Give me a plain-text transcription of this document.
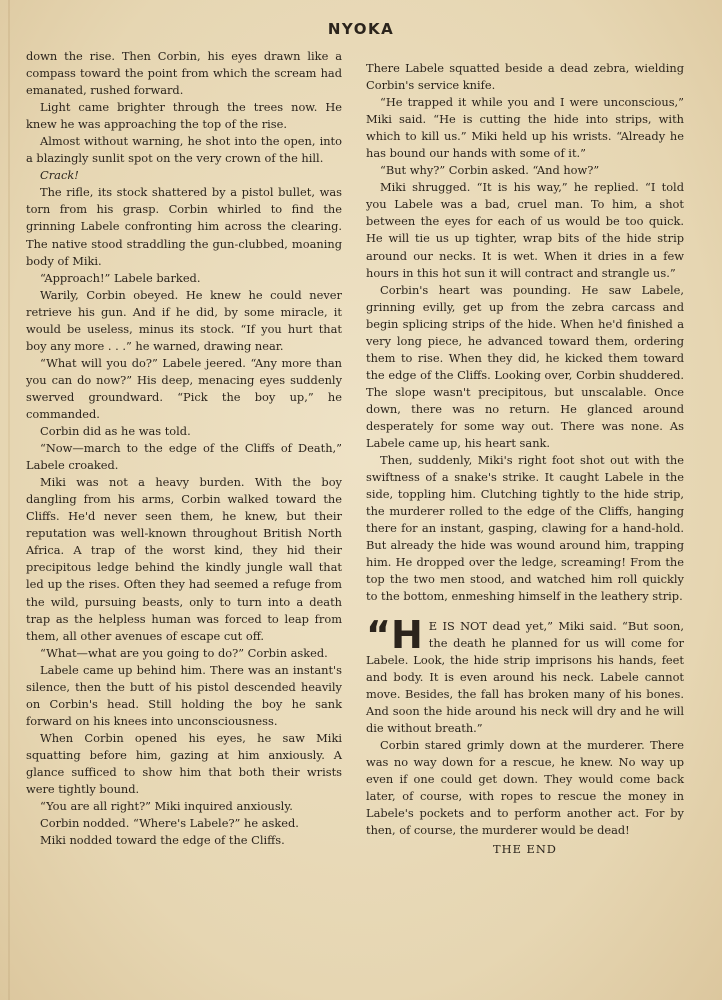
NYOKA

down the rise. Then Corbin, his eyes drawn like a compass toward the point from which the scream had emanated, rushed forward.

Light came brighter through the trees now. He knew he was approaching the top of the rise.

Almost without warning, he shot into the open, into a blazingly sunlit spot on the very crown of the hill.

Crack!

The rifle, its stock shattered by a pistol bullet, was torn from his grasp. Corbin whirled to find the grinning Labele confronting him across the clearing. The native stood straddling the gun-clubbed, moaning body of Miki.

“Approach!” Labele barked.

Warily, Corbin obeyed. He knew he could never retrieve his gun. And if he did, by some miracle, it would be useless, minus its stock. “If you hurt that boy any more . . .” he warned, drawing near.

“What will you do?” Labele jeered. “Any more than you can do now?” His deep, menacing eyes suddenly swerved groundward. “Pick the boy up,” he commanded.

Corbin did as he was told.

“Now—march to the edge of the Cliffs of Death,” Labele croaked.

Miki was not a heavy burden. With the boy dangling from his arms, Corbin walked toward the Cliffs. He'd never seen them, he knew, but their reputation was well-known throughout British North Africa. A trap of the worst kind, they hid their precipitous ledge behind the kindly jungle wall that led up the rises. Often they had seemed a refuge from the wild, pursuing beasts, only to turn into a death trap as the helpless human was forced to leap from them, all other avenues of escape cut off.

“What—what are you going to do?” Corbin asked.

Labele came up behind him. There was an instant's silence, then the butt of his pistol descended heavily on Corbin's head. Still holding the boy he sank forward on his knees into unconsciousness.

When Corbin opened his eyes, he saw Miki squatting before him, gazing at him anxiously. A glance sufficed to show him that both their wrists were tightly bound.

“You are all right?” Miki inquired anxiously.

Corbin nodded. “Where's Labele?” he asked.

Miki nodded toward the edge of the Cliffs.

There Labele squatted beside a dead zebra, wielding Corbin's service knife.

“He trapped it while you and I were unconscious,” Miki said. “He is cutting the hide into strips, with which to kill us.” Miki held up his wrists. “Already he has bound our hands with some of it.”

“But why?” Corbin asked. “And how?”

Miki shrugged. “It is his way,” he replied. “I told you Labele was a bad, cruel man. To him, a shot between the eyes for each of us would be too quick. He will tie us up tighter, wrap bits of the hide strip around our necks. It is wet. When it dries in a few hours in this hot sun it will contract and strangle us.”

Corbin's heart was pounding. He saw Labele, grinning evilly, get up from the zebra carcass and begin splicing strips of the hide. When he'd finished a very long piece, he advanced toward them, ordering them to rise. When they did, he kicked them toward the edge of the Cliffs. Looking over, Corbin shuddered. The slope wasn't precipitous, but unscalable. Once down, there was no return. He glanced around desperately for some way out. There was none. As Labele came up, his heart sank.

Then, suddenly, Miki's right foot shot out with the swiftness of a snake's strike. It caught Labele in the side, toppling him. Clutching tightly to the hide strip, the murderer rolled to the edge of the Cliffs, hanging there for an instant, gasping, clawing for a hand-hold. But already the hide was wound around him, trapping him. He dropped over the ledge, screaming! From the top the two men stood, and watched him roll quickly to the bottom, enmeshing himself in the leathery strip.

“H E IS NOT dead yet,” Miki said. “But soon, the death he planned for us will come for Labele. Look, the hide strip imprisons his hands, feet and body. It is even around his neck. Labele cannot move. Besides, the fall has broken many of his bones. And soon the hide around his neck will dry and he will die without breath.”

Corbin stared grimly down at the murderer. There was no way down for a rescue, he knew. No way up even if one could get down. They would come back later, of course, with ropes to rescue the money in Labele's pockets and to perform another act. For by then, of course, the murderer would be dead!

THE END
